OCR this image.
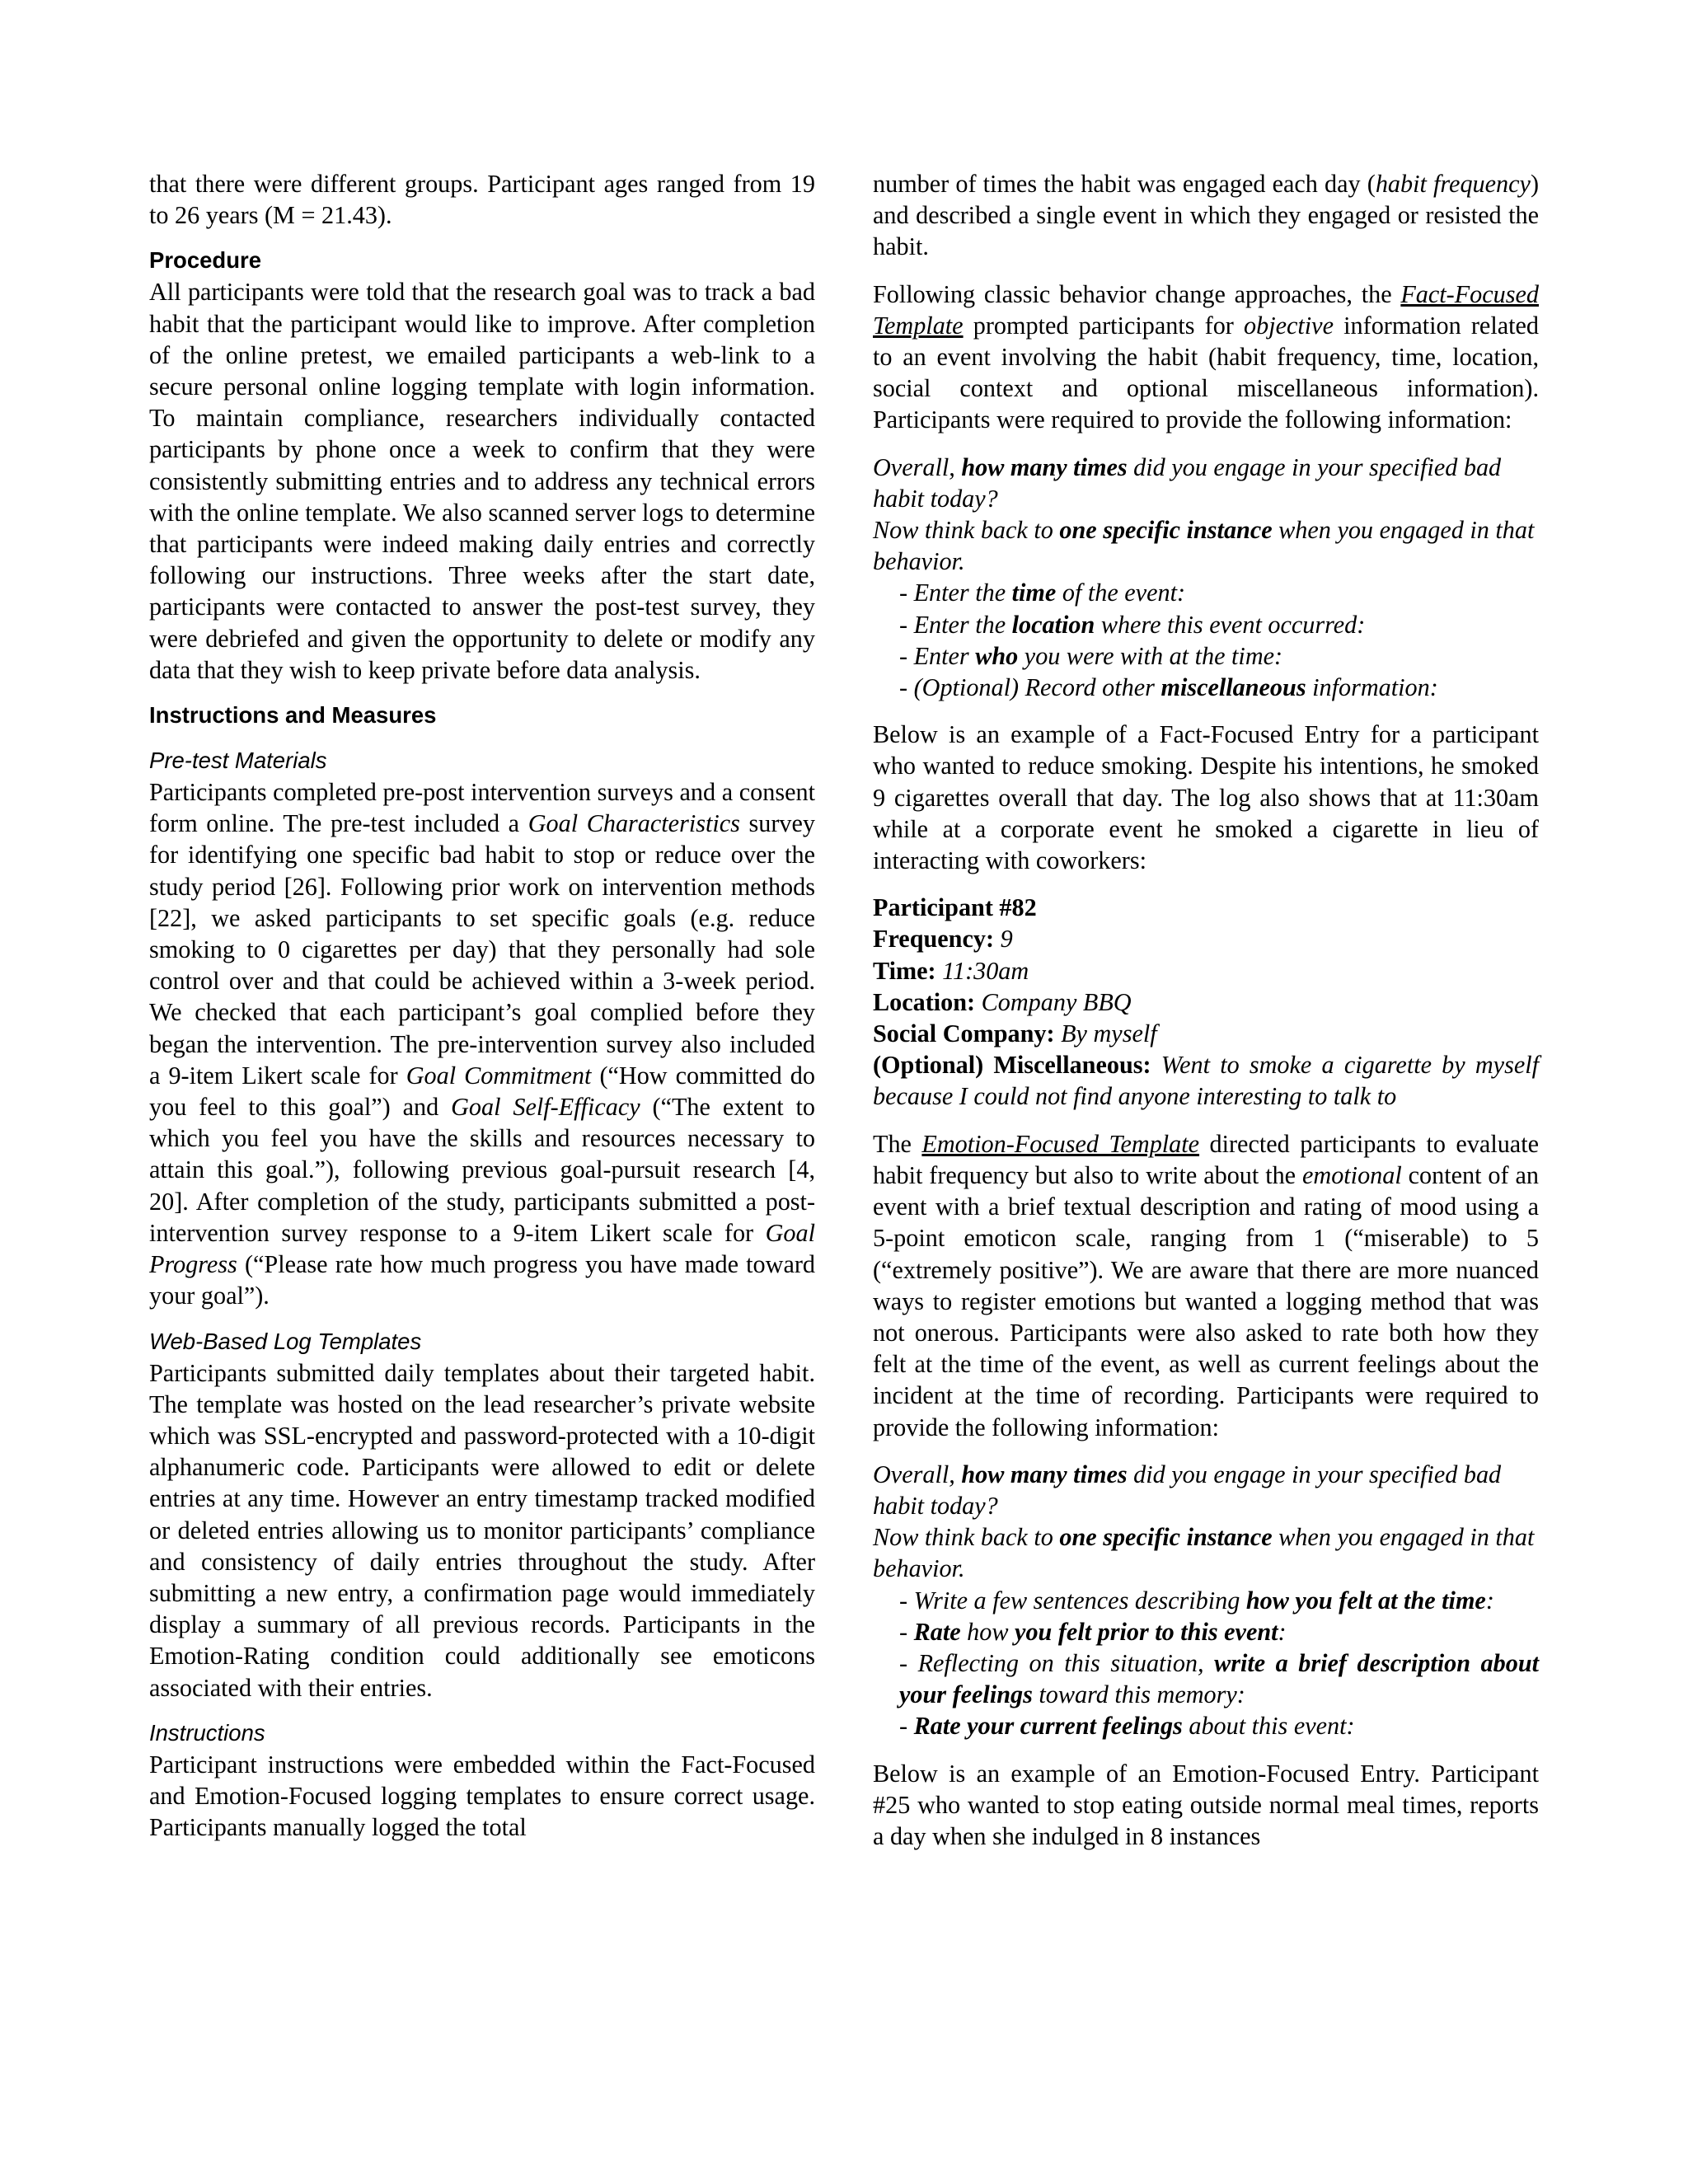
that there were different groups. Participant ages ranged from 19 to 26 years (M = 21.43).

Procedure

All participants were told that the research goal was to track a bad habit that the participant would like to improve. After completion of the online pretest, we emailed participants a web-link to a secure personal online logging template with login information. To maintain compliance, researchers individually contacted participants by phone once a week to confirm that they were consistently submitting entries and to address any technical errors with the online template. We also scanned server logs to determine that participants were indeed making daily entries and correctly following our instructions. Three weeks after the start date, participants were contacted to answer the post-test survey, they were debriefed and given the opportunity to delete or modify any data that they wish to keep private before data analysis.

Instructions and Measures
Pre-test Materials

Participants completed pre-post intervention surveys and a consent form online. The pre-test included a Goal Characteristics survey for identifying one specific bad habit to stop or reduce over the study period [26]. Following prior work on intervention methods [22], we asked participants to set specific goals (e.g. reduce smoking to 0 cigarettes per day) that they personally had sole control over and that could be achieved within a 3-week period. We checked that each participant’s goal complied before they began the intervention. The pre-intervention survey also included a 9-item Likert scale for Goal Commitment (“How committed do you feel to this goal”) and Goal Self-Efficacy (“The extent to which you feel you have the skills and resources necessary to attain this goal.”), following previous goal-pursuit research [4, 20]. After completion of the study, participants submitted a post-intervention survey response to a 9-item Likert scale for Goal Progress (“Please rate how much progress you have made toward your goal”).

Web-Based Log Templates

Participants submitted daily templates about their targeted habit. The template was hosted on the lead researcher’s private website which was SSL-encrypted and password-protected with a 10-digit alphanumeric code. Participants were allowed to edit or delete entries at any time. However an entry timestamp tracked modified or deleted entries allowing us to monitor participants’ compliance and consistency of daily entries throughout the study. After submitting a new entry, a confirmation page would immediately display a summary of all previous records. Participants in the Emotion-Rating condition could additionally see emoticons associated with their entries.

Instructions

Participant instructions were embedded within the Fact-Focused and Emotion-Focused logging templates to ensure correct usage. Participants manually logged the total

number of times the habit was engaged each day (habit frequency) and described a single event in which they engaged or resisted the habit.

Following classic behavior change approaches, the Fact-Focused Template prompted participants for objective information related to an event involving the habit (habit frequency, time, location, social context and optional miscellaneous information). Participants were required to provide the following information:

Overall, how many times did you engage in your specified bad habit today?

Now think back to one specific instance when you engaged in that behavior.

- Enter the time of the event:

- Enter the location where this event occurred:

- Enter who you were with at the time:

- (Optional) Record other miscellaneous information:

Below is an example of a Fact-Focused Entry for a participant who wanted to reduce smoking. Despite his intentions, he smoked 9 cigarettes overall that day. The log also shows that at 11:30am while at a corporate event he smoked a cigarette in lieu of interacting with coworkers:

Participant #82

Frequency: 9

Time: 11:30am

Location: Company BBQ

Social Company: By myself

(Optional) Miscellaneous: Went to smoke a cigarette by myself because I could not find anyone interesting to talk to

The Emotion-Focused Template directed participants to evaluate habit frequency but also to write about the emotional content of an event with a brief textual description and rating of mood using a 5-point emoticon scale, ranging from 1 (“miserable) to 5 (“extremely positive”). We are aware that there are more nuanced ways to register emotions but wanted a logging method that was not onerous. Participants were also asked to rate both how they felt at the time of the event, as well as current feelings about the incident at the time of recording. Participants were required to provide the following information:

Overall, how many times did you engage in your specified bad habit today?

Now think back to one specific instance when you engaged in that behavior.

- Write a few sentences describing how you felt at the time:

- Rate how you felt prior to this event:

- Reflecting on this situation, write a brief description about your feelings toward this memory:

- Rate your current feelings about this event:

Below is an example of an Emotion-Focused Entry. Participant #25 who wanted to stop eating outside normal meal times, reports a day when she indulged in 8 instances
